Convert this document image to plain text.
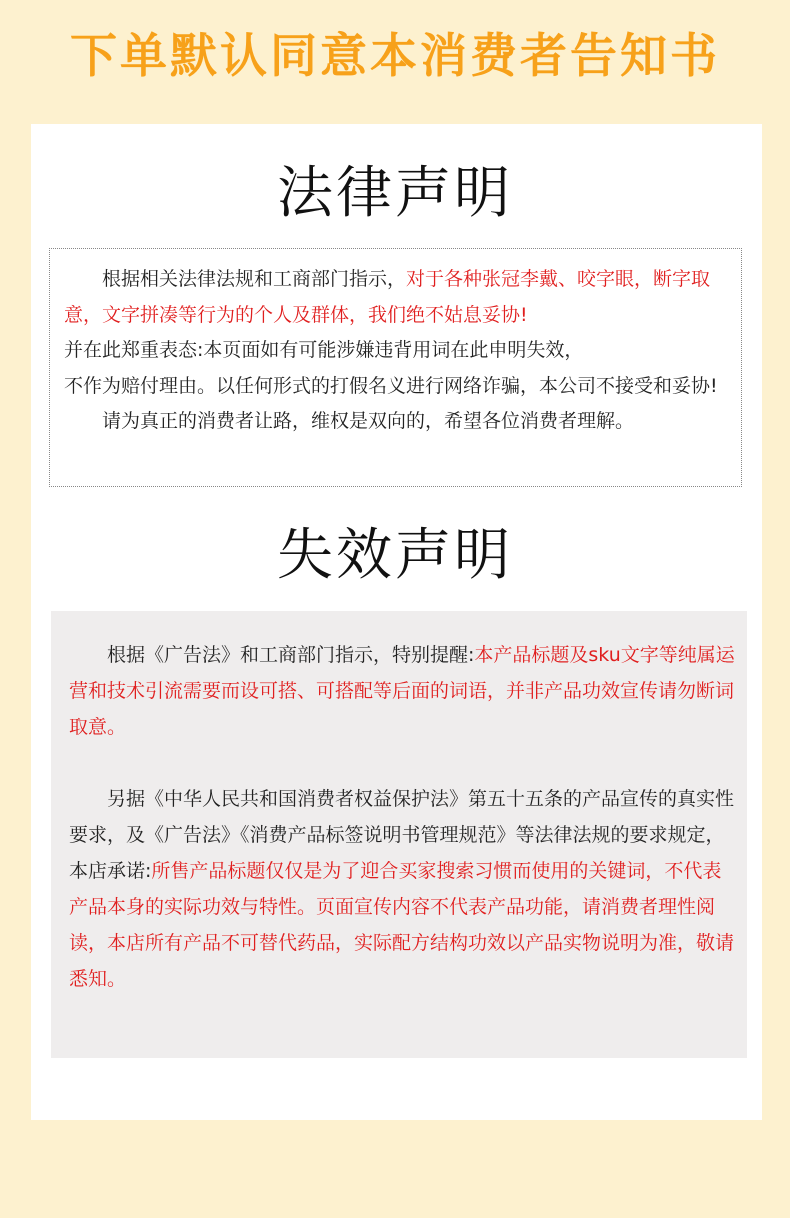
下单默认同意本消费者告知书
法律声明

根据相关法律法规和工商部门指示，对于各种张冠李戴、咬字眼，断字取意，文字拼凑等行为的个人及群体，我们绝不姑息妥协!

并在此郑重表态:本页面如有可能涉嫌违背用词在此申明失效，

不作为赔付理由。以任何形式的打假名义进行网络诈骗，本公司不接受和妥协!

请为真正的消费者让路，维权是双向的，希望各位消费者理解。

失效声明

根据《广告法》和工商部门指示，特别提醒:本产品标题及sku文字等纯属运营和技术引流需要而设可搭、可搭配等后面的词语，并非产品功效宣传请勿断词取意。

另据《中华人民共和国消费者权益保护法》第五十五条的产品宣传的真实性要求，及《广告法》《消费产品标签说明书管理规范》等法律法规的要求规定，本店承诺:所售产品标题仅仅是为了迎合买家搜索习惯而使用的关键词，不代表产品本身的实际功效与特性。页面宣传内容不代表产品功能，请消费者理性阅读，本店所有产品不可替代药品，实际配方结构功效以产品实物说明为准，敬请悉知。
